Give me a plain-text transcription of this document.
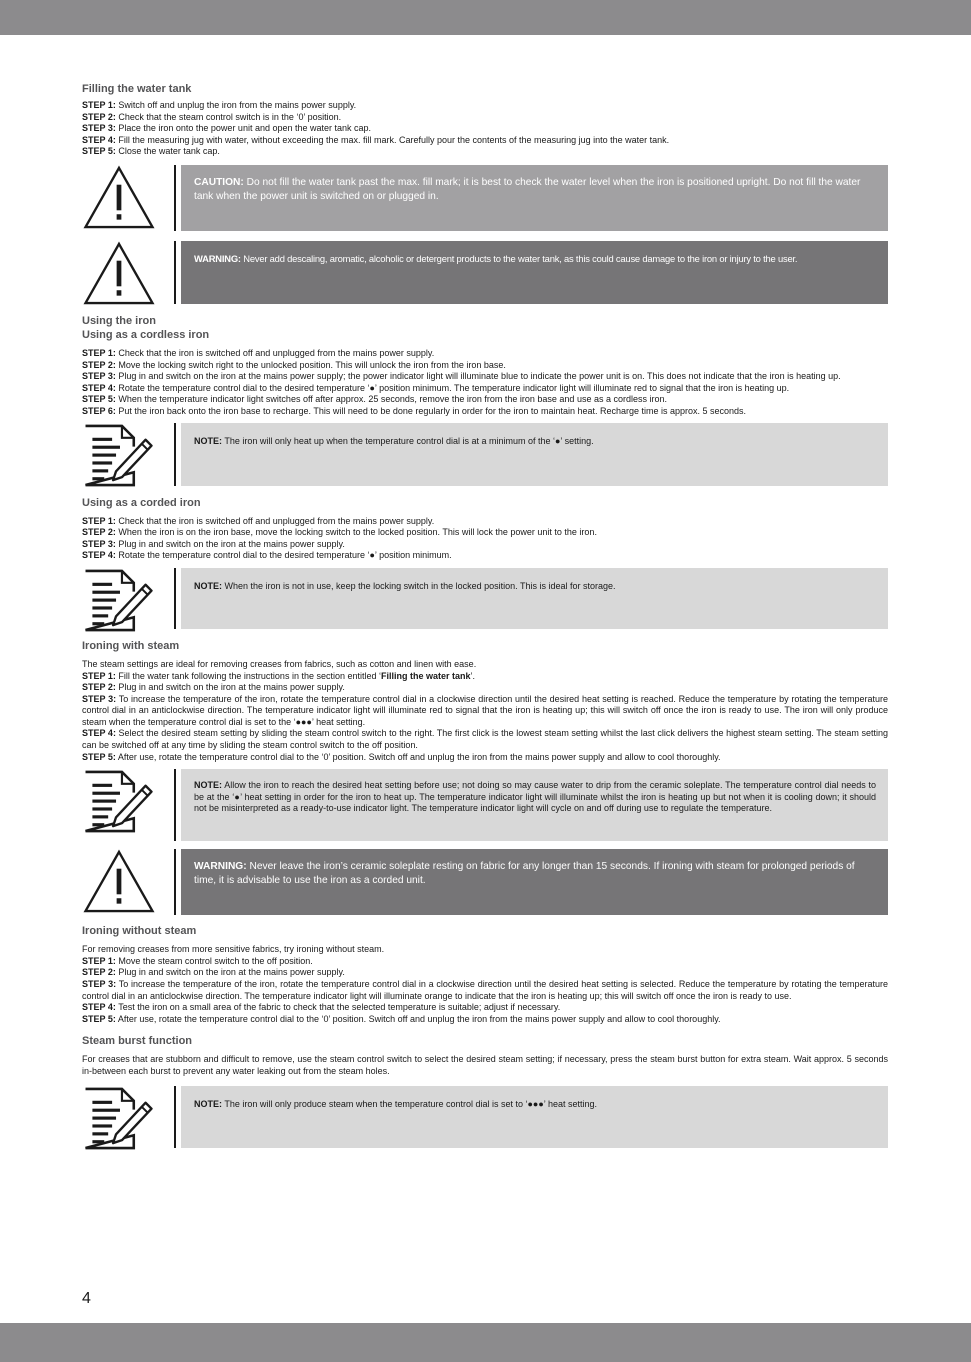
Filling the water tank

STEP 1: Switch off and unplug the iron from the mains power supply.

STEP 2: Check that the steam control switch is in the ‘0’ position.

STEP 3: Place the iron onto the power unit and open the water tank cap.

STEP 4: Fill the measuring jug with water, without exceeding the max. fill mark. Carefully pour the contents of the measuring jug into the water tank.

STEP 5: Close the water tank cap.

CAUTION: Do not fill the water tank past the max. fill mark; it is best to check the water level when the iron is positioned upright. Do not fill the water tank when the power unit is switched on or plugged in.
WARNING: Never add descaling, aromatic, alcoholic or detergent products to the water tank, as this could cause damage to the iron or injury to the user.
Using the iron
Using as a cordless iron

STEP 1: Check that the iron is switched off and unplugged from the mains power supply.

STEP 2: Move the locking switch right to the unlocked position. This will unlock the iron from the iron base.

STEP 3: Plug in and switch on the iron at the mains power supply; the power indicator light will illuminate blue to indicate the power unit is on. This does not indicate that the iron is heating up.

STEP 4: Rotate the temperature control dial to the desired temperature ‘●’ position minimum. The temperature indicator light will illuminate red to signal that the iron is heating up.

STEP 5: When the temperature indicator light switches off after approx. 25 seconds, remove the iron from the iron base and use as a cordless iron.

STEP 6: Put the iron back onto the iron base to recharge. This will need to be done regularly in order for the iron to maintain heat. Recharge time is approx. 5 seconds.

NOTE: The iron will only heat up when the temperature control dial is at a minimum of the ‘●’ setting.
Using as a corded iron

STEP 1: Check that the iron is switched off and unplugged from the mains power supply.

STEP 2: When the iron is on the iron base, move the locking switch to the locked position. This will lock the power unit to the iron.

STEP 3: Plug in and switch on the iron at the mains power supply.

STEP 4: Rotate the temperature control dial to the desired temperature ‘●’ position minimum.

NOTE: When the iron is not in use, keep the locking switch in the locked position. This is ideal for storage.
Ironing with steam

The steam settings are ideal for removing creases from fabrics, such as cotton and linen with ease.

STEP 1: Fill the water tank following the instructions in the section entitled ‘Filling the water tank’.

STEP 2: Plug in and switch on the iron at the mains power supply.

STEP 3: To increase the temperature of the iron, rotate the temperature control dial in a clockwise direction until the desired heat setting is reached. Reduce the temperature by rotating the temperature control dial in an anticlockwise direction. The temperature indicator light will illuminate red to signal that the iron is heating up; this will switch off once the iron is ready to use. The iron will only produce steam when the temperature control dial is set to the ‘●●●’ heat setting.

STEP 4: Select the desired steam setting by sliding the steam control switch to the right. The first click is the lowest steam setting whilst the last click delivers the highest steam setting. The steam setting can be switched off at any time by sliding the steam control switch to the off position.

STEP 5: After use, rotate the temperature control dial to the ‘0’ position. Switch off and unplug the iron from the mains power supply and allow to cool thoroughly.

NOTE: Allow the iron to reach the desired heat setting before use; not doing so may cause water to drip from the ceramic soleplate. The temperature control dial needs to be at the ‘●’ heat setting in order for the iron to heat up. The temperature indicator light will illuminate whilst the iron is heating up but not when it is cooling down; it should not be misinterpreted as a ready-to-use indicator light. The temperature indicator light will cycle on and off during use to regulate the temperature.
WARNING: Never leave the iron’s ceramic soleplate resting on fabric for any longer than 15 seconds. If ironing with steam for prolonged periods of time, it is advisable to use the iron as a corded unit.
Ironing without steam

For removing creases from more sensitive fabrics, try ironing without steam.

STEP 1: Move the steam control switch to the off position.

STEP 2: Plug in and switch on the iron at the mains power supply.

STEP 3: To increase the temperature of the iron, rotate the temperature control dial in a clockwise direction until the desired heat setting is selected. Reduce the temperature by rotating the temperature control dial in an anticlockwise direction. The temperature indicator light will illuminate orange to indicate that the iron is heating up; this will switch off once the iron is ready to use.

STEP 4: Test the iron on a small area of the fabric to check that the selected temperature is suitable; adjust if necessary.

STEP 5: After use, rotate the temperature control dial to the ‘0’ position. Switch off and unplug the iron from the mains power supply and allow to cool thoroughly.

Steam burst function

For creases that are stubborn and difficult to remove, use the steam control switch to select the desired steam setting; if necessary, press the steam burst button for extra steam. Wait approx. 5 seconds in-between each burst to prevent any water leaking out from the steam holes.

NOTE: The iron will only produce steam when the temperature control dial is set to ‘●●●’ heat setting.
4
